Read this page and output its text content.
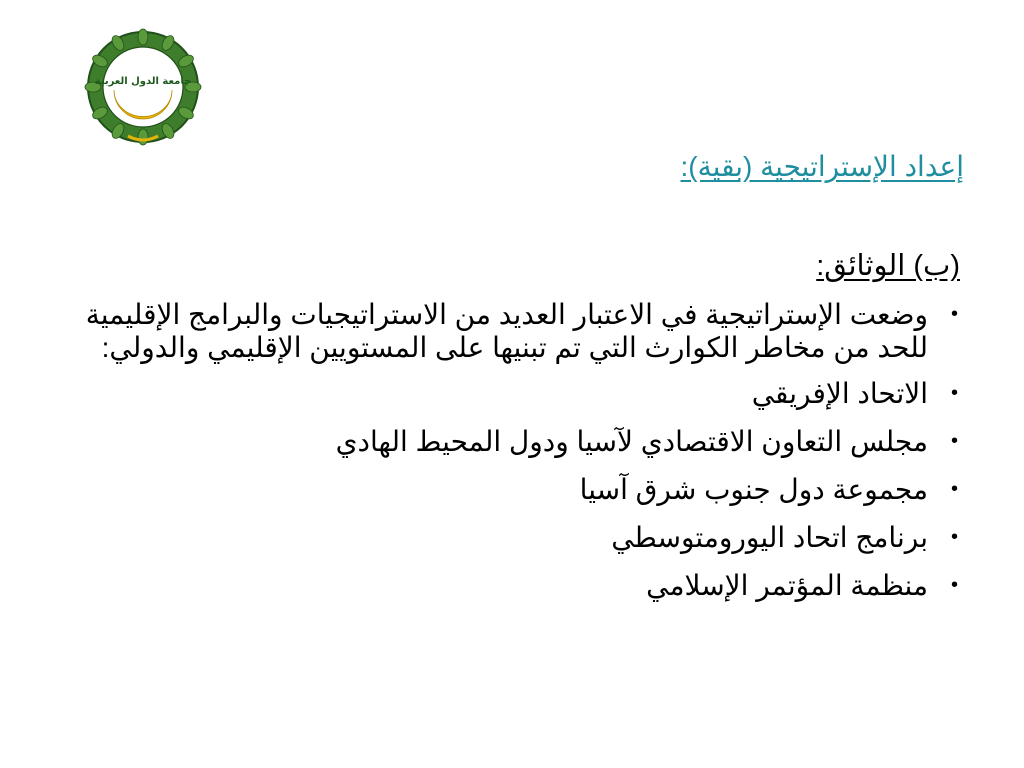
جامعة الدول العربية
إعداد الإستراتيجية (بقية):
(ب) الوثائق:
•
وضعت الإستراتيجية في الاعتبار العديد من الاستراتيجيات والبرامج الإقليمية للحد من مخاطر الكوارث التي تم تبنيها على المستويين الإقليمي والدولي:
•
الاتحاد الإفريقي
•
مجلس التعاون الاقتصادي لآسيا ودول المحيط الهادي
•
مجموعة دول جنوب شرق آسيا
•
برنامج اتحاد اليورومتوسطي
•
منظمة المؤتمر الإسلامي
